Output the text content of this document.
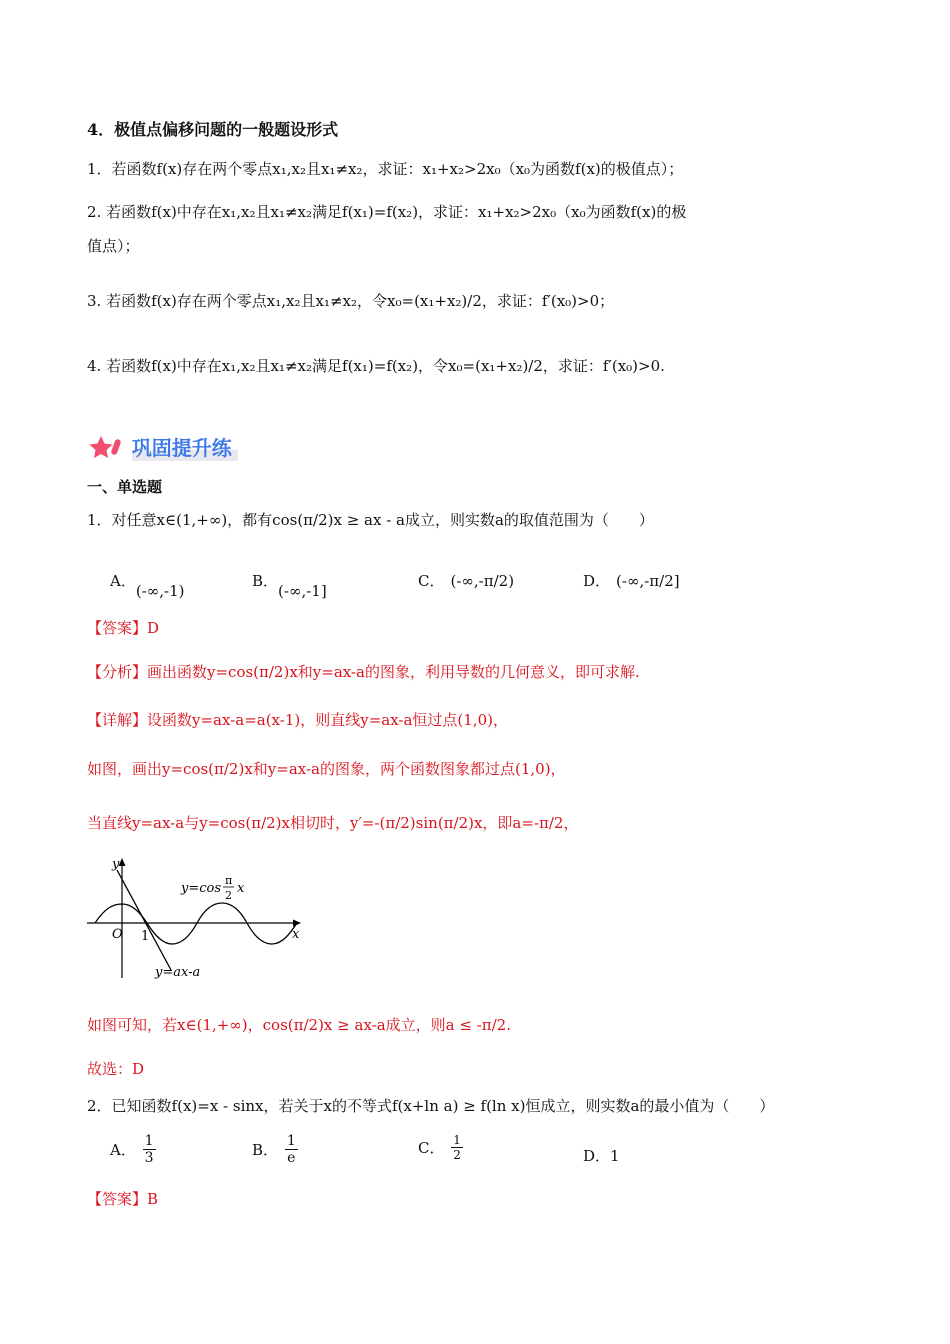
4．极值点偏移问题的一般题设形式
1．若函数f(x)存在两个零点x₁,x₂且x₁≠x₂，求证：x₁+x₂>2x₀（x₀为函数f(x)的极值点）；
2. 若函数f(x)中存在x₁,x₂且x₁≠x₂满足f(x₁)=f(x₂)，求证：x₁+x₂>2x₀（x₀为函数f(x)的极
值点）；
3. 若函数f(x)存在两个零点x₁,x₂且x₁≠x₂，令x₀=(x₁+x₂)/2，求证：f′(x₀)>0；
4. 若函数f(x)中存在x₁,x₂且x₁≠x₂满足f(x₁)=f(x₂)，令x₀=(x₁+x₂)/2，求证：f′(x₀)>0.
巩固提升练
一、单选题
1．对任意x∈(1,+∞)，都有cos(π/2)x ≥ ax - a成立，则实数a的取值范围为（　　）
A．(-∞,-1)
B．(-∞,-1]
C． (-∞,-π/2)	D． (-∞,-π/2]
【答案】D
【分析】画出函数y=cos(π/2)x和y=ax-a的图象，利用导数的几何意义，即可求解.
【详解】设函数y=ax-a=a(x-1)，则直线y=ax-a恒过点(1,0)，
如图，画出y=cos(π/2)x和y=ax-a的图象，两个函数图象都过点(1,0)，
当直线y=ax-a与y=cos(π/2)x相切时，y′=-(π/2)sin(π/2)x，即a=-π/2，
O 1
y
x
y=cos
π
2 x
y=ax-a
如图可知，若x∈(1,+∞)，cos(π/2)x ≥ ax-a成立，则a ≤ -π/2.
故选：D
2．已知函数f(x)=x - sinx，若关于x的不等式f(x+ln a) ≥ f(ln x)恒成立，则实数a的最小值为（　　）
A． $\frac{1}{3}$	B． $\frac{1}{e}$	C． $\frac{1}{2}$	D．1
【答案】B
